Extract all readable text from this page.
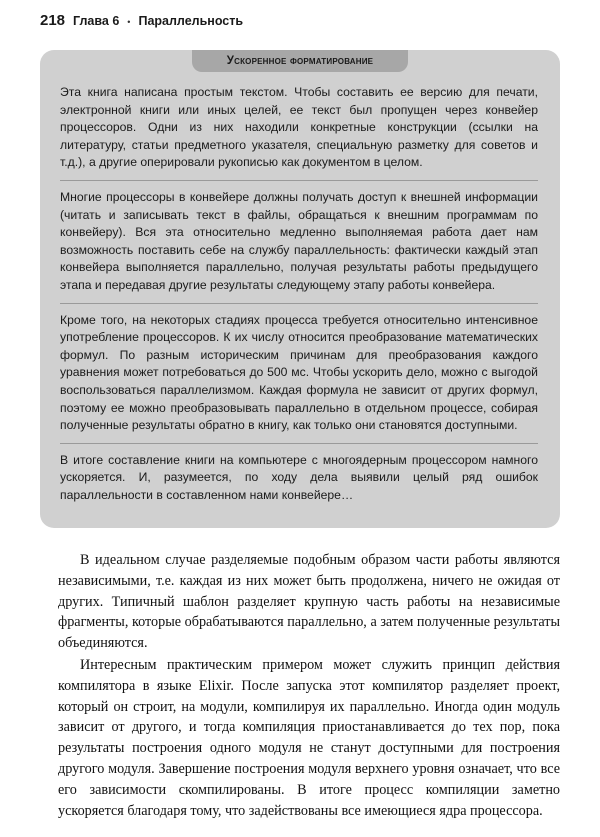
218 Глава 6 • Параллельность
Ускоренное форматирование

Эта книга написана простым текстом. Чтобы составить ее версию для печати, электронной книги или иных целей, ее текст был пропущен через конвейер процессоров. Одни из них находили конкретные конструкции (ссылки на литературу, статьи предметного указателя, специальную разметку для советов и т.д.), а другие оперировали рукописью как документом в целом.

Многие процессоры в конвейере должны получать доступ к внешней информации (читать и записывать текст в файлы, обращаться к внешним программам по конвейеру). Вся эта относительно медленно выполняемая работа дает нам возможность поставить себе на службу параллельность: фактически каждый этап конвейера выполняется параллельно, получая результаты работы предыдущего этапа и передавая другие результаты следующему этапу работы конвейера.

Кроме того, на некоторых стадиях процесса требуется относительно интенсивное употребление процессоров. К их числу относится преобразование математических формул. По разным историческим причинам для преобразования каждого уравнения может потребоваться до 500 мс. Чтобы ускорить дело, можно с выгодой воспользоваться параллелизмом. Каждая формула не зависит от других формул, поэтому ее можно преобразовывать параллельно в отдельном процессе, собирая полученные результаты обратно в книгу, как только они становятся доступными.

В итоге составление книги на компьютере с многоядерным процессором намного ускоряется. И, разумеется, по ходу дела выявили целый ряд ошибок параллельности в составленном нами конвейере…

В идеальном случае разделяемые подобным образом части работы являются независимыми, т.е. каждая из них может быть продолжена, ничего не ожидая от других. Типичный шаблон разделяет крупную часть работы на независимые фрагменты, которые обрабатываются параллельно, а затем полученные результаты объединяются.

Интересным практическим примером может служить принцип действия компилятора в языке Elixir. После запуска этот компилятор разделяет проект, который он строит, на модули, компилируя их параллельно. Иногда один модуль зависит от другого, и тогда компиляция приостанавливается до тех пор, пока результаты построения одного модуля не станут доступными для построения другого модуля. Завершение построения модуля верхнего уровня означает, что все его зависимости скомпилированы. В итоге процесс компиляции заметно ускоряется благодаря тому, что задействованы все имеющиеся ядра процессора.
